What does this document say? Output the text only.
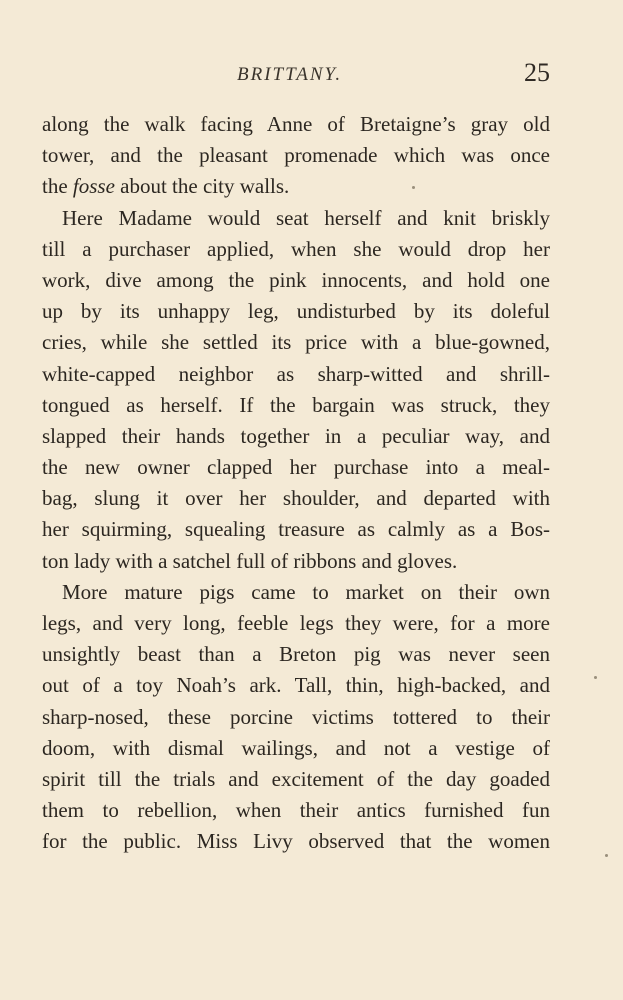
BRITTANY.	25
along the walk facing Anne of Bretaigne’s gray old
tower, and the pleasant promenade which was once
the fosse about the city walls.
Here Madame would seat herself and knit briskly
till a purchaser applied, when she would drop her
work, dive among the pink innocents, and hold one
up by its unhappy leg, undisturbed by its doleful
cries, while she settled its price with a blue-gowned,
white-capped neighbor as sharp-witted and shrill-
tongued as herself. If the bargain was struck, they
slapped their hands together in a peculiar way, and
the new owner clapped her purchase into a meal-
bag, slung it over her shoulder, and departed with
her squirming, squealing treasure as calmly as a Bos-
ton lady with a satchel full of ribbons and gloves.
More mature pigs came to market on their own
legs, and very long, feeble legs they were, for a more
unsightly beast than a Breton pig was never seen
out of a toy Noah’s ark. Tall, thin, high-backed, and
sharp-nosed, these porcine victims tottered to their
doom, with dismal wailings, and not a vestige of
spirit till the trials and excitement of the day goaded
them to rebellion, when their antics furnished fun
for the public. Miss Livy observed that the women
